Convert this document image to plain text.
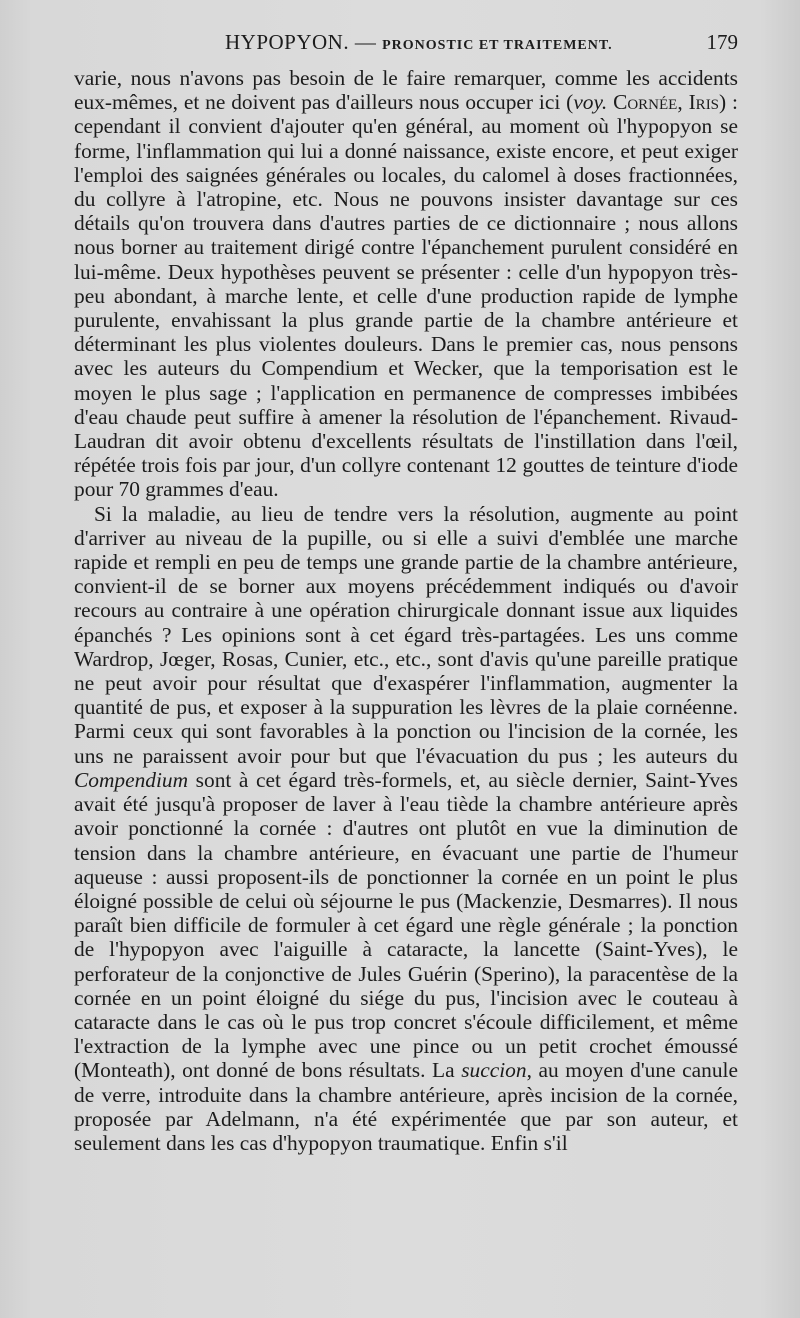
HYPOPYON. — PRONOSTIC ET TRAITEMENT.	179

varie, nous n'avons pas besoin de le faire remarquer, comme les accidents eux-mêmes, et ne doivent pas d'ailleurs nous occuper ici (voy. Cornée, Iris) : cependant il convient d'ajouter qu'en général, au moment où l'hypopyon se forme, l'inflammation qui lui a donné naissance, existe encore, et peut exiger l'emploi des saignées générales ou locales, du calomel à doses fractionnées, du collyre à l'atropine, etc. Nous ne pouvons insister davantage sur ces détails qu'on trouvera dans d'autres parties de ce dictionnaire ; nous allons nous borner au traitement dirigé contre l'épanchement purulent considéré en lui-même. Deux hypothèses peuvent se présenter : celle d'un hypopyon très-peu abondant, à marche lente, et celle d'une production rapide de lymphe purulente, envahissant la plus grande partie de la chambre antérieure et déterminant les plus violentes douleurs. Dans le premier cas, nous pensons avec les auteurs du Compendium et Wecker, que la temporisation est le moyen le plus sage ; l'application en permanence de compresses imbibées d'eau chaude peut suffire à amener la résolution de l'épanchement. Rivaud-Laudran dit avoir obtenu d'excellents résultats de l'instillation dans l'œil, répétée trois fois par jour, d'un collyre contenant 12 gouttes de teinture d'iode pour 70 grammes d'eau.

Si la maladie, au lieu de tendre vers la résolution, augmente au point d'arriver au niveau de la pupille, ou si elle a suivi d'emblée une marche rapide et rempli en peu de temps une grande partie de la chambre antérieure, convient-il de se borner aux moyens précédemment indiqués ou d'avoir recours au contraire à une opération chirurgicale donnant issue aux liquides épanchés ? Les opinions sont à cet égard très-partagées. Les uns comme Wardrop, Jœger, Rosas, Cunier, etc., etc., sont d'avis qu'une pareille pratique ne peut avoir pour résultat que d'exaspérer l'inflammation, augmenter la quantité de pus, et exposer à la suppuration les lèvres de la plaie cornéenne. Parmi ceux qui sont favorables à la ponction ou l'incision de la cornée, les uns ne paraissent avoir pour but que l'évacuation du pus ; les auteurs du Compendium sont à cet égard très-formels, et, au siècle dernier, Saint-Yves avait été jusqu'à proposer de laver à l'eau tiède la chambre antérieure après avoir ponctionné la cornée : d'autres ont plutôt en vue la diminution de tension dans la chambre antérieure, en évacuant une partie de l'humeur aqueuse : aussi proposent-ils de ponctionner la cornée en un point le plus éloigné possible de celui où séjourne le pus (Mackenzie, Desmarres). Il nous paraît bien difficile de formuler à cet égard une règle générale ; la ponction de l'hypopyon avec l'aiguille à cataracte, la lancette (Saint-Yves), le perforateur de la conjonctive de Jules Guérin (Sperino), la paracentèse de la cornée en un point éloigné du siége du pus, l'incision avec le couteau à cataracte dans le cas où le pus trop concret s'écoule difficilement, et même l'extraction de la lymphe avec une pince ou un petit crochet émoussé (Monteath), ont donné de bons résultats. La succion, au moyen d'une canule de verre, introduite dans la chambre antérieure, après incision de la cornée, proposée par Adelmann, n'a été expérimentée que par son auteur, et seulement dans les cas d'hypopyon traumatique. Enfin s'il
